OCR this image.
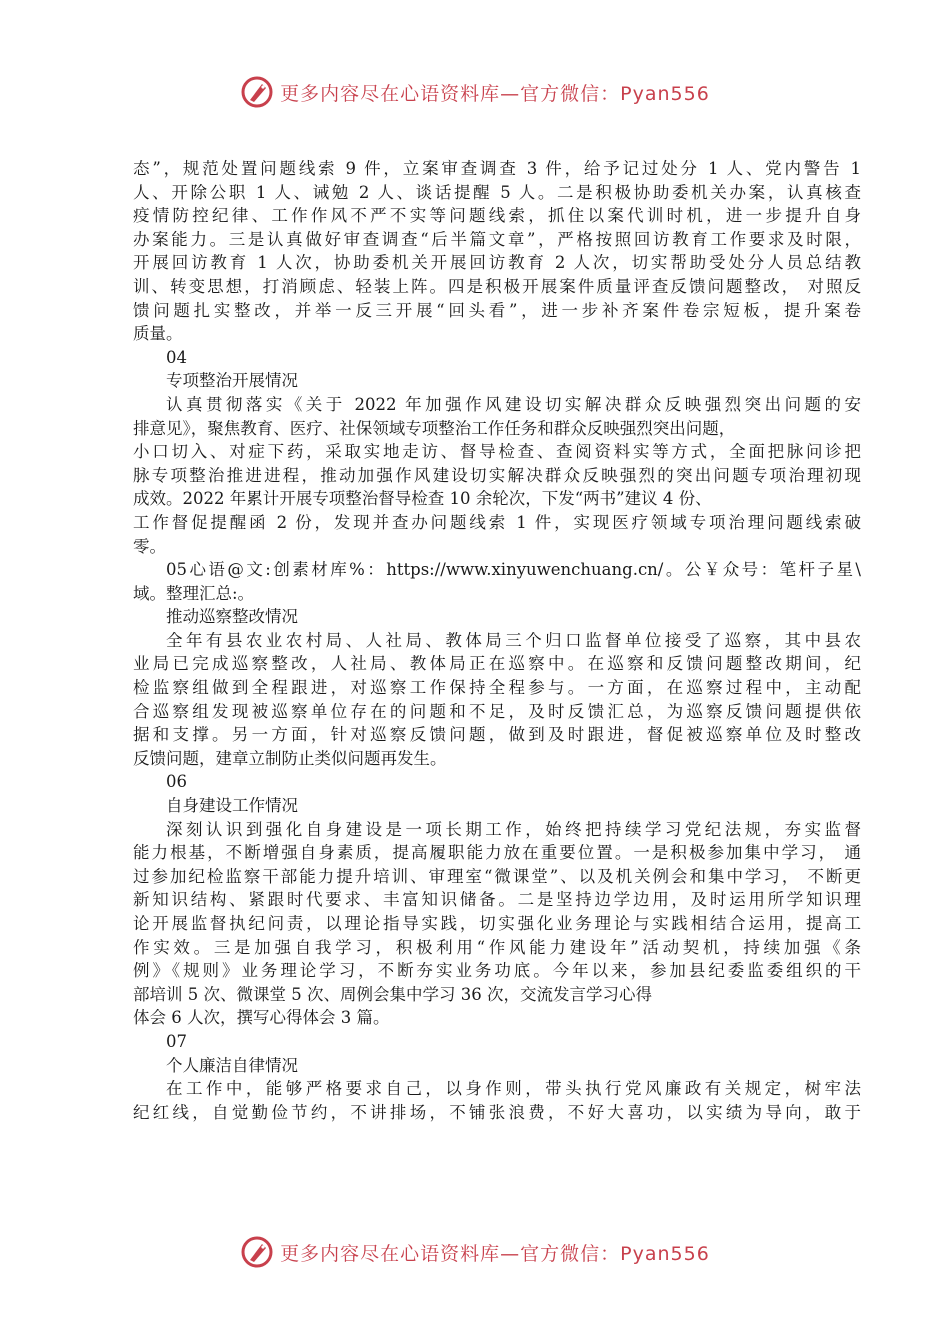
更多内容尽在心语资料库—官方微信：Pyan556
态”，规范处置问题线索 9 件，立案审查调查 3 件，给予记过处分 1 人、党内警告 1
人、开除公职 1 人、诫勉 2 人、谈话提醒 5 人。二是积极协助委机关办案，认真核查
疫情防控纪律、工作作风不严不实等问题线索，抓住以案代训时机，进一步提升自身
办案能力。三是认真做好审查调查“后半篇文章”，严格按照回访教育工作要求及时限，
开展回访教育 1 人次，协助委机关开展回访教育 2 人次，切实帮助受处分人员总结教
训、转变思想，打消顾虑、轻装上阵。四是积极开展案件质量评查反馈问题整改， 对照反
馈问题扎实整改，并举一反三开展“回头看”，进一步补齐案件卷宗短板，提升案卷
质量。
04
专项整治开展情况
认真贯彻落实《关于 2022 年加强作风建设切实解决群众反映强烈突出问题的安
排意见》，聚焦教育、医疗、社保领域专项整治工作任务和群众反映强烈突出问题，
小口切入、对症下药，采取实地走访、督导检查、查阅资料实等方式，全面把脉问诊把
脉专项整治推进进程，推动加强作风建设切实解决群众反映强烈的突出问题专项治理初现
成效。2022 年累计开展专项整治督导检查 10 余轮次，下发“两书”建议 4 份、
工作督促提醒函 2 份，发现并查办问题线索 1 件，实现医疗领域专项治理问题线索破
零。
05心语@文:创素材库%：https://www.xinyuwenchuang.cn/。公￥众号：笔杆子星\
域。整理汇总:。
推动巡察整改情况
全年有县农业农村局、人社局、教体局三个归口监督单位接受了巡察，其中县农
业局已完成巡察整改，人社局、教体局正在巡察中。在巡察和反馈问题整改期间，纪
检监察组做到全程跟进，对巡察工作保持全程参与。一方面，在巡察过程中，主动配
合巡察组发现被巡察单位存在的问题和不足，及时反馈汇总，为巡察反馈问题提供依
据和支撑。另一方面，针对巡察反馈问题，做到及时跟进，督促被巡察单位及时整改
反馈问题，建章立制防止类似问题再发生。
06
自身建设工作情况
深刻认识到强化自身建设是一项长期工作，始终把持续学习党纪法规，夯实监督
能力根基，不断增强自身素质，提高履职能力放在重要位置。一是积极参加集中学习， 通
过参加纪检监察干部能力提升培训、审理室“微课堂”、以及机关例会和集中学习， 不断更
新知识结构、紧跟时代要求、丰富知识储备。二是坚持边学边用，及时运用所学知识理
论开展监督执纪问责，以理论指导实践，切实强化业务理论与实践相结合运用，提高工
作实效。三是加强自我学习，积极利用“作风能力建设年”活动契机，持续加强《条
例》《规则》业务理论学习，不断夯实业务功底。今年以来，参加县纪委监委组织的干
部培训 5 次、微课堂 5 次、周例会集中学习 36 次，交流发言学习心得
体会 6 人次，撰写心得体会 3 篇。
07
个人廉洁自律情况
在工作中，能够严格要求自己，以身作则，带头执行党风廉政有关规定，树牢法
纪红线，自觉勤俭节约，不讲排场，不铺张浪费，不好大喜功，以实绩为导向，敢于
更多内容尽在心语资料库—官方微信：Pyan556
